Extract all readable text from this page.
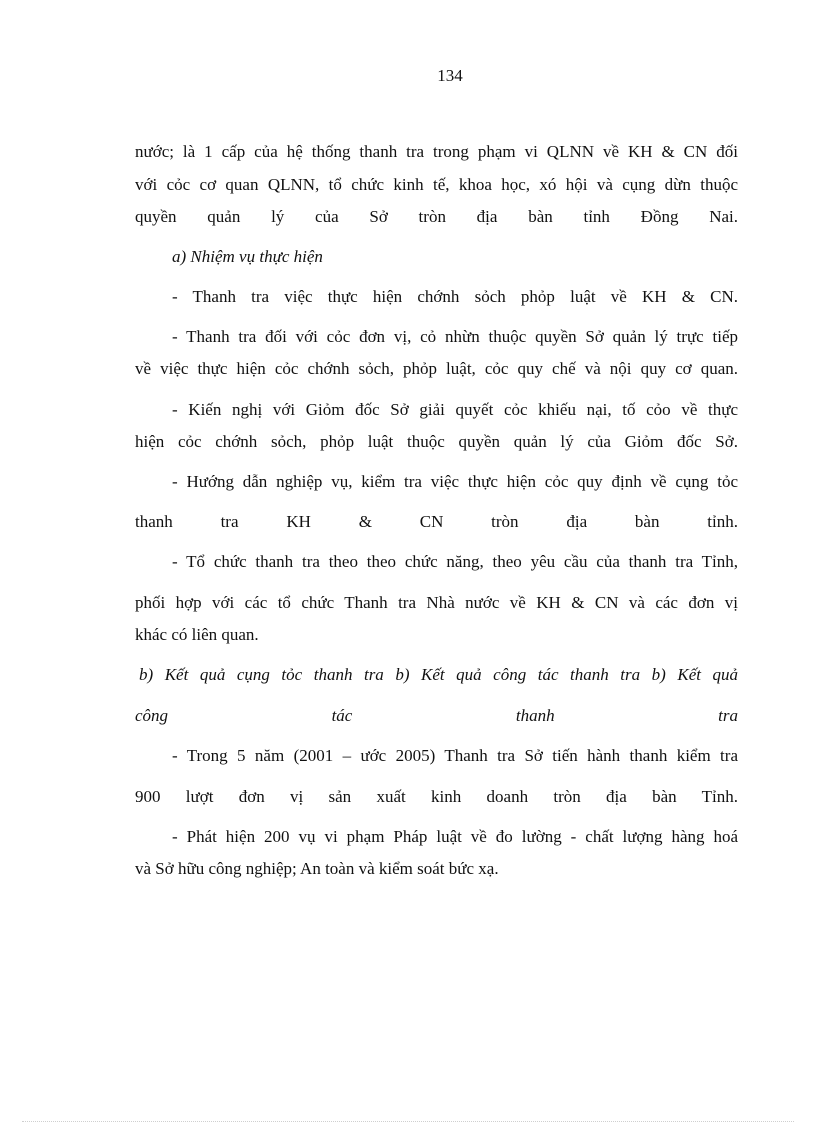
134
nước; là 1 cấp của hệ thống thanh tra trong phạm vi QLNN về KH & CN đối
với cỏc cơ quan QLNN, tổ chức kinh tế, khoa học, xó hội và cụng dừn thuộc
quyền quản lý của Sở tròn địa bàn tỉnh Đồng Nai.
a) Nhiệm vụ thực hiện
- Thanh tra việc thực hiện chớnh sỏch phỏp luật về KH & CN.
- Thanh tra đối với cỏc đơn vị, cỏ nhừn thuộc quyền Sở quản lý trực tiếp
về việc thực hiện cỏc chớnh sỏch, phỏp luật, cỏc quy chế và nội quy cơ quan.
- Kiến nghị với Giỏm đốc Sở giải quyết cỏc khiếu nại, tố cỏo về thực
hiện cỏc chớnh sỏch, phỏp luật thuộc quyền quản lý của Giỏm đốc Sở.
- Hướng dẫn nghiệp vụ, kiểm tra việc thực hiện cỏc quy định về cụng tỏc
thanh tra KH & CN tròn địa bàn tỉnh.
- Tổ chức thanh tra theo theo chức năng, theo yêu cầu của thanh tra Tỉnh,
phối hợp với các tổ chức Thanh tra Nhà nước về KH & CN và các đơn vị
khác có liên quan.
b) Kết quả cụng tỏc thanh tra b) Kết quả công tác thanh tra b) Kết quả
công tác thanh tra
- Trong 5 năm (2001 – ước 2005) Thanh tra Sở tiến hành thanh kiểm tra
900 lượt đơn vị sản xuất kinh doanh tròn địa bàn Tỉnh.
- Phát hiện 200 vụ vi phạm Pháp luật về đo lường - chất lượng hàng hoá
và Sở hữu công nghiệp; An toàn và kiểm soát bức xạ.
